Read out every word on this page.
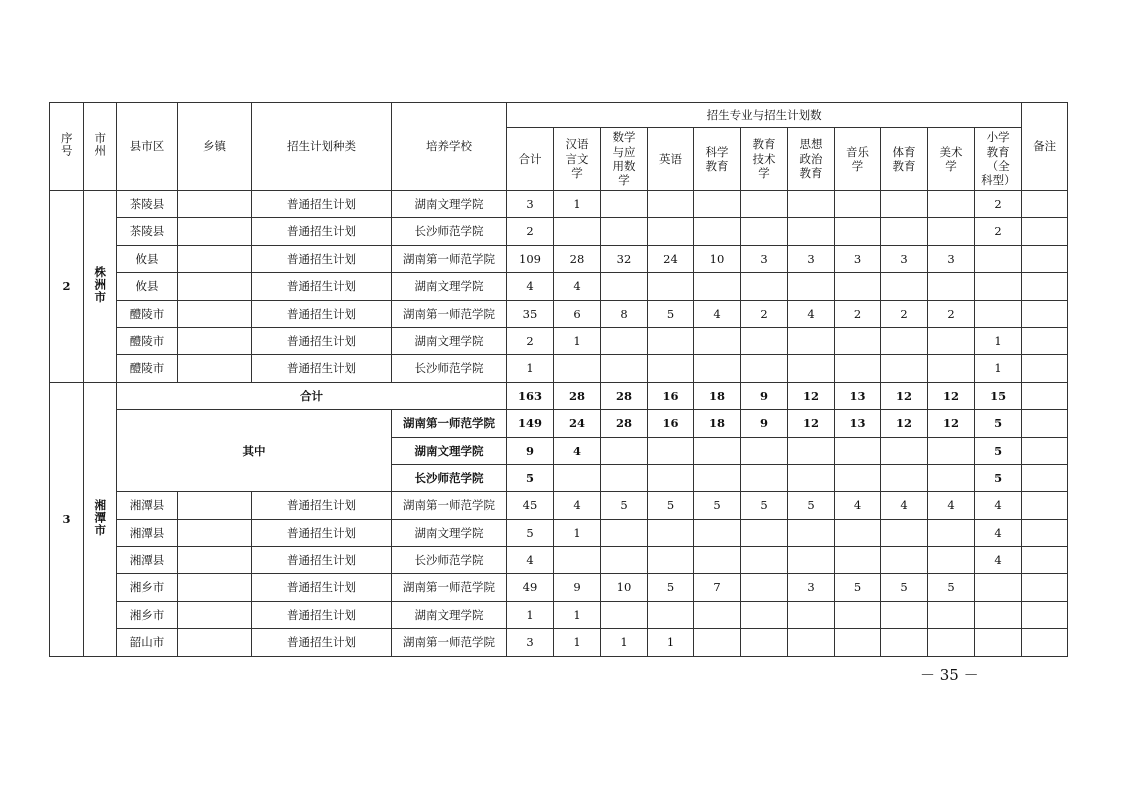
序号	市州	县市区	乡镇	招生计划种类	培养学校	招生专业与招生计划数											备注
						合计	汉语言文学	数学与应用数学	英语	科学教育	教育技术学	思想政治教育	音乐学	体育教育	美术学	小学教育（全科型）	
2	株洲市	茶陵县		普通招生计划	湖南文理学院	3	1									2	
		茶陵县		普通招生计划	长沙师范学院	2										2	
		攸县		普通招生计划	湖南第一师范学院	109	28	32	24	10	3	3	3	3	3		
		攸县		普通招生计划	湖南文理学院	4	4										
		醴陵市		普通招生计划	湖南第一师范学院	35	6	8	5	4	2	4	2	2	2		
		醴陵市		普通招生计划	湖南文理学院	2	1									1	
		醴陵市		普通招生计划	长沙师范学院	1										1	
3	湘潭市	合计				163	28	28	16	18	9	12	13	12	12	15	
		其中			湖南第一师范学院	149	24	28	16	18	9	12	13	12	12	5	
					湖南文理学院	9	4									5	
					长沙师范学院	5										5	
		湘潭县		普通招生计划	湖南第一师范学院	45	4	5	5	5	5	5	4	4	4	4	
		湘潭县		普通招生计划	湖南文理学院	5	1									4	
		湘潭县		普通招生计划	长沙师范学院	4										4	
		湘乡市		普通招生计划	湖南第一师范学院	49	9	10	5	7		3	5	5	5		
		湘乡市		普通招生计划	湖南文理学院	1	1										
		韶山市		普通招生计划	湖南第一师范学院	3	1	1	1								
－ 35 －
